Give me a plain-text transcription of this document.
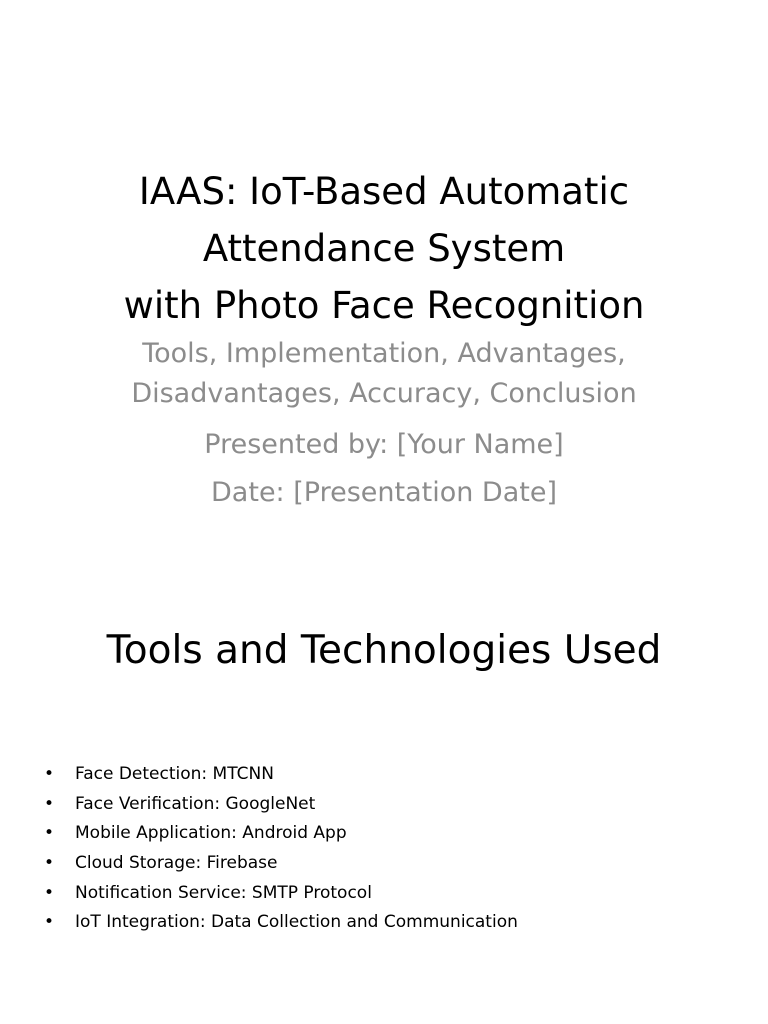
IAAS: IoT-Based Automatic
Attendance System
with Photo Face Recognition
Tools, Implementation, Advantages,
Disadvantages, Accuracy, Conclusion
Presented by: [Your Name]
Date: [Presentation Date]
Tools and Technologies Used
• Face Detection: MTCNN
• Face Verification: GoogleNet
• Mobile Application: Android App
• Cloud Storage: Firebase
• Notification Service: SMTP Protocol
• IoT Integration: Data Collection and Communication
